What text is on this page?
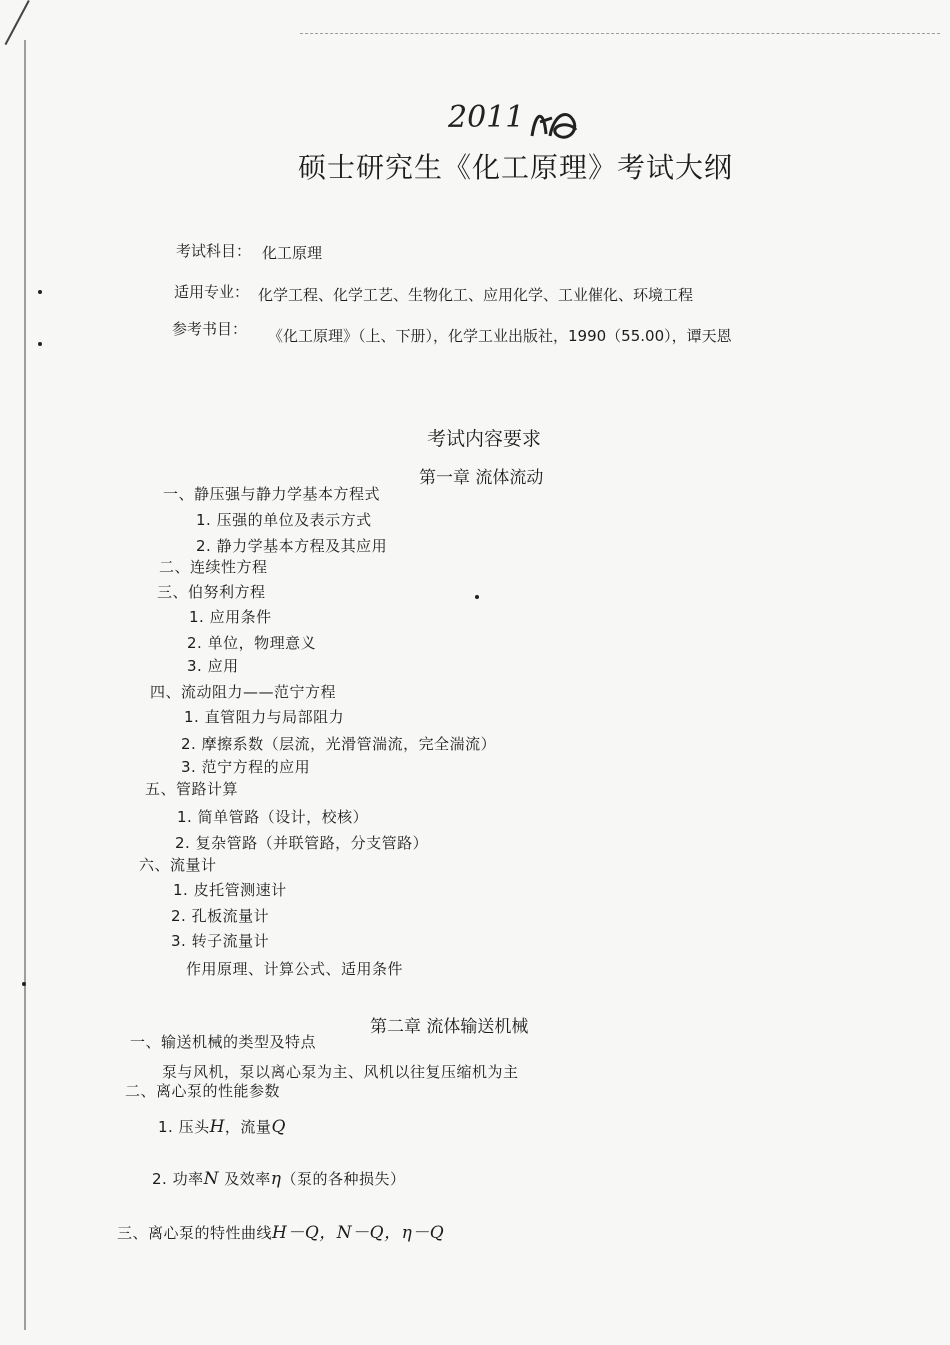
2011
硕士研究生《化工原理》考试大纲
考试科目： 化工原理
适用专业： 化学工程、化学工艺、生物化工、应用化学、工业催化、环境工程
参考书目： 《化工原理》（上、下册），化学工业出版社，1990（55.00），谭天恩
考试内容要求
第一章 流体流动
一、静压强与静力学基本方程式
1. 压强的单位及表示方式
2. 静力学基本方程及其应用
二、连续性方程
三、伯努利方程
1. 应用条件
2. 单位，物理意义
3. 应用
四、流动阻力——范宁方程
1. 直管阻力与局部阻力
2. 摩擦系数（层流，光滑管湍流，完全湍流）
3. 范宁方程的应用
五、管路计算
1. 简单管路（设计，校核）
2. 复杂管路（并联管路，分支管路）
六、流量计
1. 皮托管测速计
2. 孔板流量计
3. 转子流量计
作用原理、计算公式、适用条件
第二章 流体输送机械
一、输送机械的类型及特点
泵与风机，泵以离心泵为主、风机以往复压缩机为主
二、离心泵的性能参数
1. 压头H，流量Q
2. 功率N 及效率η（泵的各种损失）
三、离心泵的特性曲线H－Q，N－Q，η－Q
